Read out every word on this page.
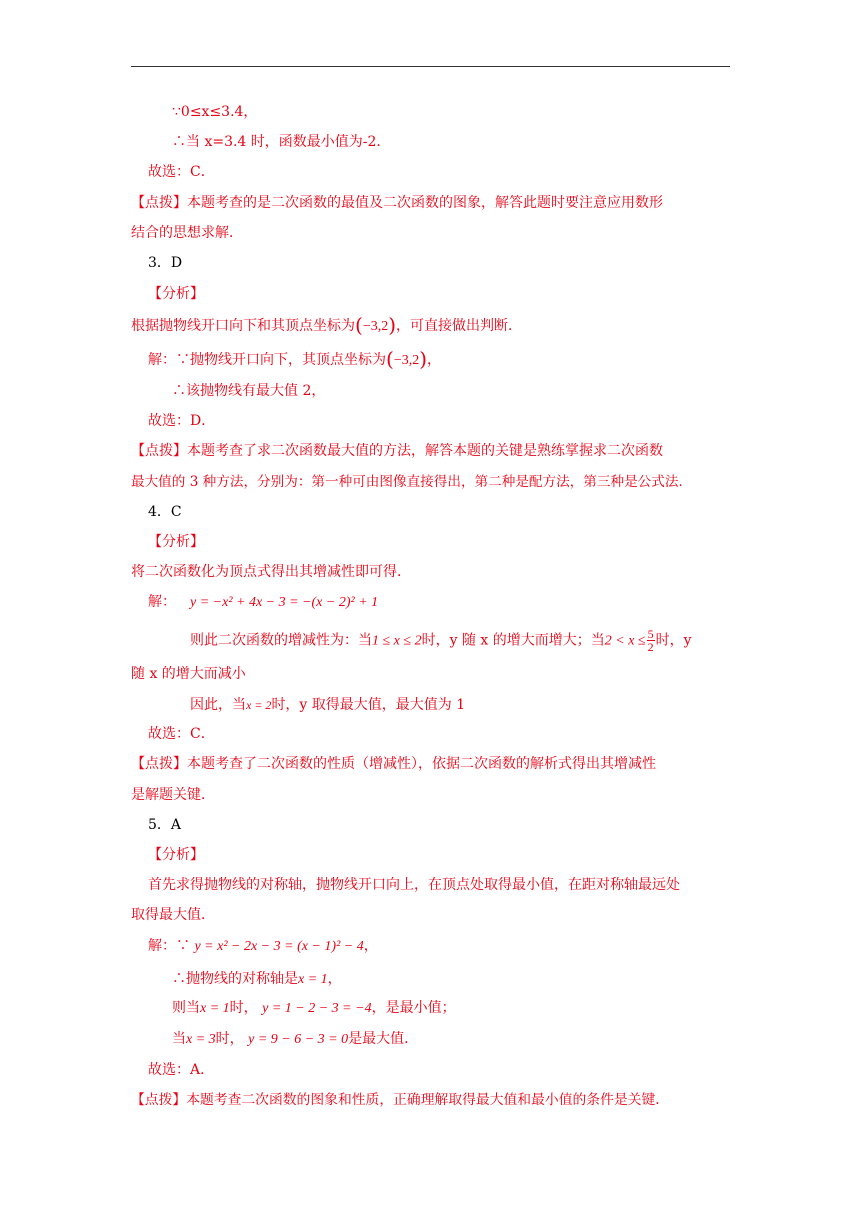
∵0≤x≤3.4，
∴当 x=3.4 时，函数最小值为-2．
故选：C．
【点拨】本题考查的是二次函数的最值及二次函数的图象，解答此题时要注意应用数形
结合的思想求解．
3．D
【分析】
根据抛物线开口向下和其顶点坐标为(−3,2)，可直接做出判断．
解：∵抛物线开口向下，其顶点坐标为(−3,2)，
∴该抛物线有最大值 2，
故选：D．
【点拨】本题考查了求二次函数最大值的方法，解答本题的关键是熟练掌握求二次函数
最大值的 3 种方法，分别为：第一种可由图像直接得出，第二种是配方法，第三种是公式法．
4．C
【分析】
将二次函数化为顶点式得出其增减性即可得．
解： y = −x² + 4x − 3 = −(x − 2)² + 1
则此二次函数的增减性为：当1 ≤ x ≤ 2时，y 随 x 的增大而增大；当$2 < x \le \frac{5}{2}$ 时，y
随 x 的增大而减小
因此，当x = 2时，y 取得最大值，最大值为 1
故选：C．
【点拨】本题考查了二次函数的性质（增减性），依据二次函数的解析式得出其增减性
是解题关键．
5．A
【分析】
首先求得抛物线的对称轴，抛物线开口向上，在顶点处取得最小值，在距对称轴最远处
取得最大值．
解：∵ y = x² − 2x − 3 = (x − 1)² − 4，
∴抛物线的对称轴是x = 1，
则当x = 1时， y = 1 − 2 − 3 = −4，是最小值；
当x = 3时， y = 9 − 6 − 3 = 0是最大值．
故选：A．
【点拨】本题考查二次函数的图象和性质，正确理解取得最大值和最小值的条件是关键．
